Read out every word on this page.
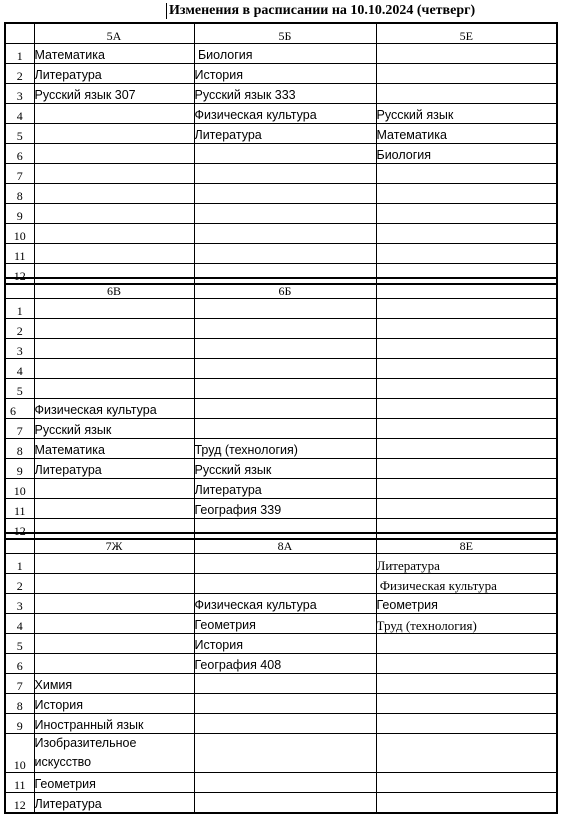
Изменения в расписании на 10.10.2024 (четверг)
	5А	5Б	5Е
1	Математика	Биология	
2	Литература	История	
3	Русский язык 307	Русский язык 333	
4		Физическая культура	Русский язык
5		Литература	Математика
6			Биология
7			
8			
9			
10			
11			
12			
	6В	6Б	
1			
2			
3			
4			
5			
6	Физическая культура		
7	Русский язык		
8	Математика	Труд (технология)	
9	Литература	Русский язык	
10		Литература	
11		География 339	
12			
	7Ж	8А	8Е
1			Литература
2			Физическая культура
3		Физическая культура	Геометрия
4		Геометрия	Труд (технология)
5		История	
6		География 408	
7	Химия		
8	История		
9	Иностранный язык		
10	Изобразительное искусство		
11	Геометрия		
12	Литература		
